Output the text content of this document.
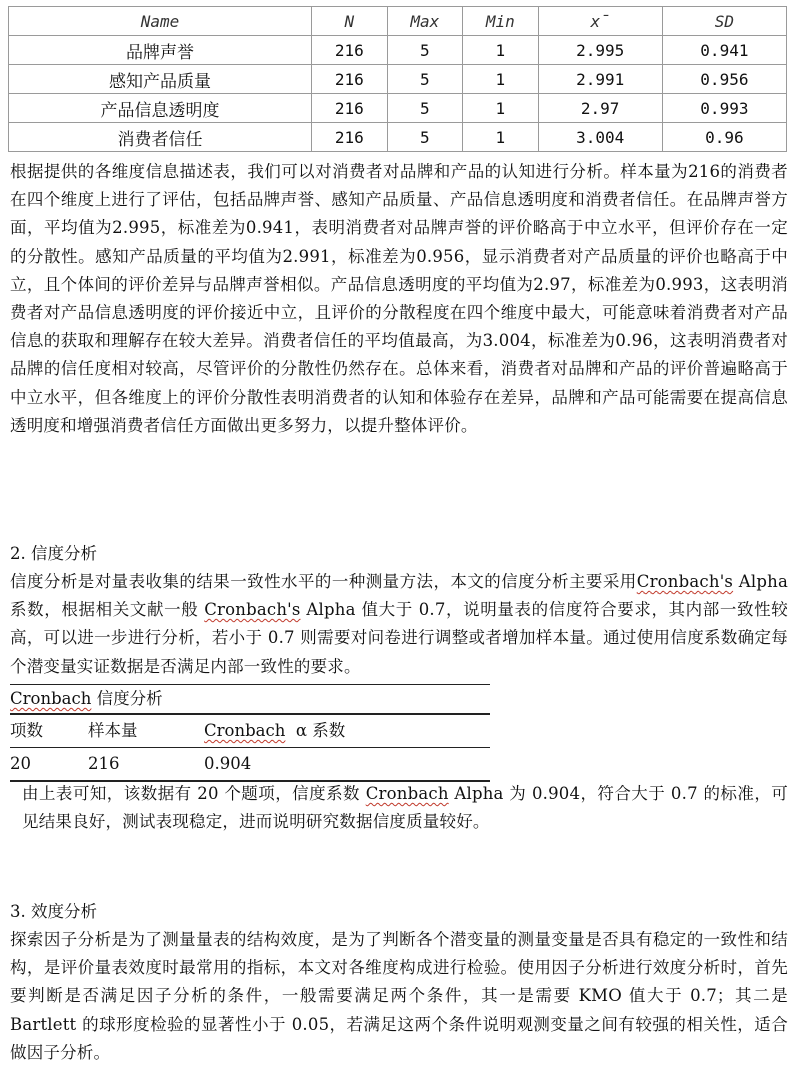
Name	N	Max	Min	x̄	SD
品牌声誉	216	5	1	2.995	0.941
感知产品质量	216	5	1	2.991	0.956
产品信息透明度	216	5	1	2.97	0.993
消费者信任	216	5	1	3.004	0.96

根据提供的各维度信息描述表，我们可以对消费者对品牌和产品的认知进行分析。样本量为216的消费者在四个维度上进行了评估，包括品牌声誉、感知产品质量、产品信息透明度和消费者信任。在品牌声誉方面，平均值为2.995，标准差为0.941，表明消费者对品牌声誉的评价略高于中立水平，但评价存在一定的分散性。感知产品质量的平均值为2.991，标准差为0.956，显示消费者对产品质量的评价也略高于中立，且个体间的评价差异与品牌声誉相似。产品信息透明度的平均值为2.97，标准差为0.993，这表明消费者对产品信息透明度的评价接近中立，且评价的分散程度在四个维度中最大，可能意味着消费者对产品信息的获取和理解存在较大差异。消费者信任的平均值最高，为3.004，标准差为0.96，这表明消费者对品牌的信任度相对较高，尽管评价的分散性仍然存在。总体来看，消费者对品牌和产品的评价普遍略高于中立水平，但各维度上的评价分散性表明消费者的认知和体验存在差异，品牌和产品可能需要在提高信息透明度和增强消费者信任方面做出更多努力，以提升整体评价。

2. 信度分析

信度分析是对量表收集的结果一致性水平的一种测量方法，本文的信度分析主要采用Cronbach's Alpha 系数，根据相关文献一般 Cronbach's Alpha 值大于 0.7，说明量表的信度符合要求，其内部一致性较高，可以进一步进行分析，若小于 0.7 则需要对问卷进行调整或者增加样本量。通过使用信度系数确定每个潜变量实证数据是否满足内部一致性的要求。

Cronbach 信度分析
项数	样本量	Cronbach  α 系数
20	216	0.904

由上表可知，该数据有 20 个题项，信度系数 Cronbach Alpha 为 0.904，符合大于 0.7 的标准，可见结果良好，测试表现稳定，进而说明研究数据信度质量较好。

3. 效度分析

探索因子分析是为了测量量表的结构效度，是为了判断各个潜变量的测量变量是否具有稳定的一致性和结构，是评价量表效度时最常用的指标，本文对各维度构成进行检验。使用因子分析进行效度分析时，首先要判断是否满足因子分析的条件，一般需要满足两个条件，其一是需要 KMO 值大于 0.7；其二是 Bartlett 的球形度检验的显著性小于 0.05，若满足这两个条件说明观测变量之间有较强的相关性，适合做因子分析。
